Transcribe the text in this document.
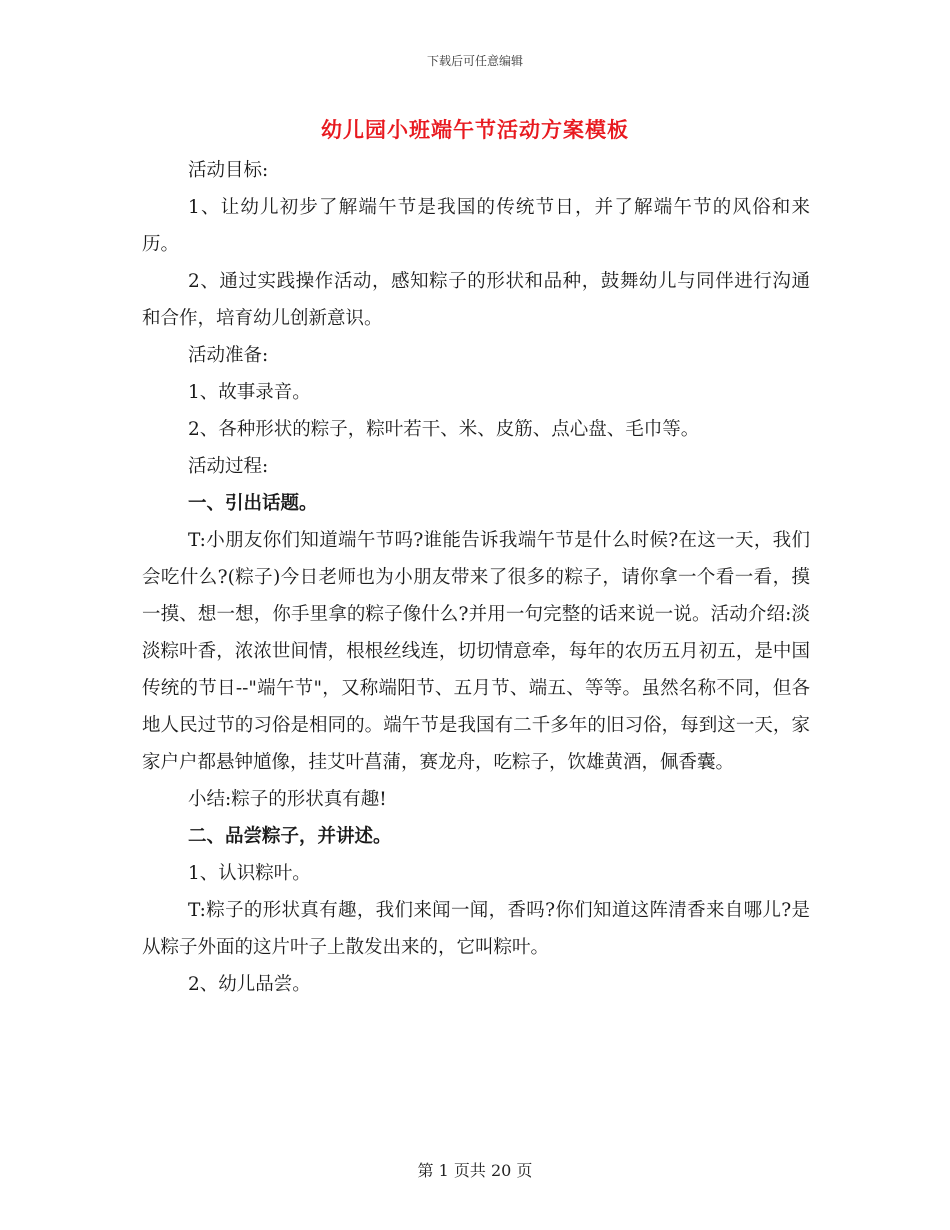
下载后可任意编辑
幼儿园小班端午节活动方案模板

活动目标:

1、让幼儿初步了解端午节是我国的传统节日，并了解端午节的风俗和来历。

2、通过实践操作活动，感知粽子的形状和品种，鼓舞幼儿与同伴进行沟通和合作，培育幼儿创新意识。

活动准备:

1、故事录音。

2、各种形状的粽子，粽叶若干、米、皮筋、点心盘、毛巾等。

活动过程:

一、引出话题。

T:小朋友你们知道端午节吗?谁能告诉我端午节是什么时候?在这一天，我们会吃什么?(粽子)今日老师也为小朋友带来了很多的粽子，请你拿一个看一看，摸一摸、想一想，你手里拿的粽子像什么?并用一句完整的话来说一说。活动介绍:淡淡粽叶香，浓浓世间情，根根丝线连，切切情意牵，每年的农历五月初五，是中国传统的节日--"端午节"，又称端阳节、五月节、端五、等等。虽然名称不同，但各地人民过节的习俗是相同的。端午节是我国有二千多年的旧习俗，每到这一天，家家户户都悬钟馗像，挂艾叶菖蒲，赛龙舟，吃粽子，饮雄黄酒，佩香囊。

小结:粽子的形状真有趣!

二、品尝粽子，并讲述。

1、认识粽叶。

T:粽子的形状真有趣，我们来闻一闻，香吗?你们知道这阵清香来自哪儿?是从粽子外面的这片叶子上散发出来的，它叫粽叶。

2、幼儿品尝。

第 1 页共 20 页
